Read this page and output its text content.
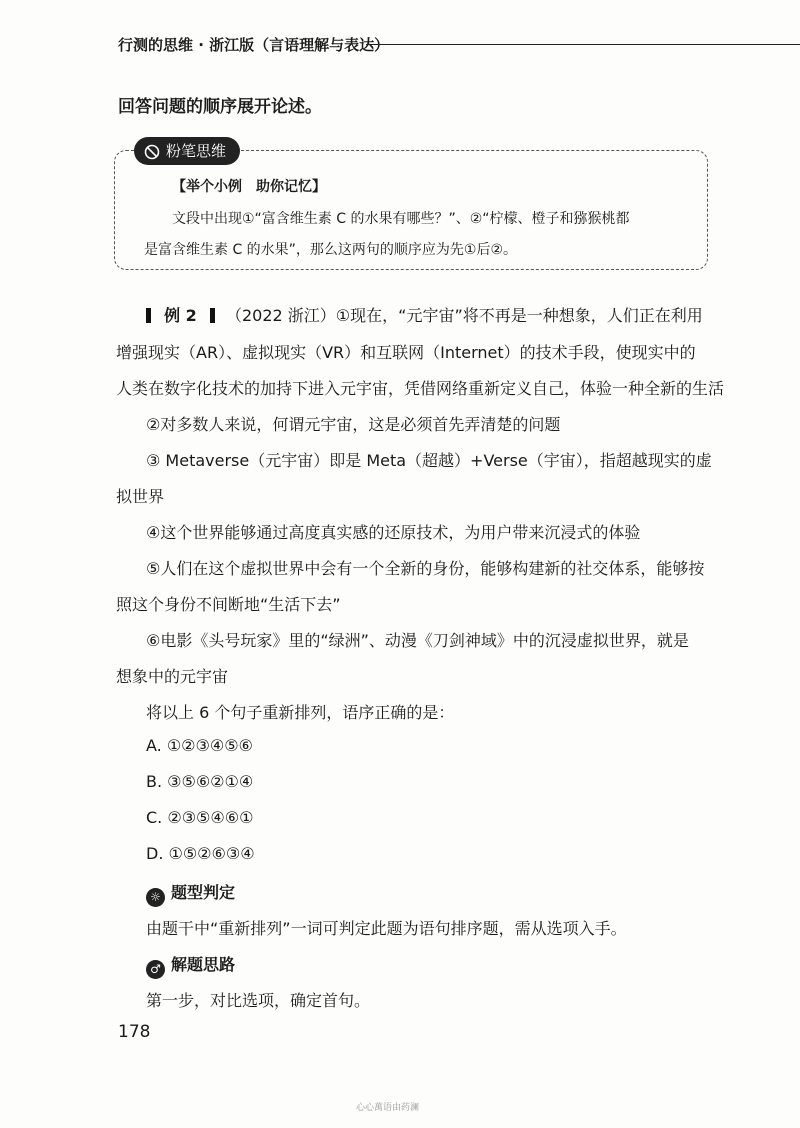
行测的思维 · 浙江版（言语理解与表达）
回答问题的顺序展开论述。
粉笔思维
【举个小例　助你记忆】
文段中出现①“富含维生素 C 的水果有哪些？”、②“柠檬、橙子和猕猴桃都
是富含维生素 C 的水果”，那么这两句的顺序应为先①后②。
例 2 （2022 浙江）①现在，“元宇宙”将不再是一种想象，人们正在利用
增强现实（AR）、虚拟现实（VR）和互联网（Internet）的技术手段，使现实中的
人类在数字化技术的加持下进入元宇宙，凭借网络重新定义自己，体验一种全新的生活
②对多数人来说，何谓元宇宙，这是必须首先弄清楚的问题
③ Metaverse（元宇宙）即是 Meta（超越）+Verse（宇宙），指超越现实的虚
拟世界
④这个世界能够通过高度真实感的还原技术，为用户带来沉浸式的体验
⑤人们在这个虚拟世界中会有一个全新的身份，能够构建新的社交体系，能够按
照这个身份不间断地“生活下去”
⑥电影《头号玩家》里的“绿洲”、动漫《刀剑神域》中的沉浸虚拟世界，就是
想象中的元宇宙
将以上 6 个句子重新排列，语序正确的是：
A. ①②③④⑤⑥
B. ③⑤⑥②①④
C. ②③⑤④⑥①
D. ①⑤②⑥③④
☼ 题型判定
由题干中“重新排列”一词可判定此题为语句排序题，需从选项入手。
♂ 解题思路
第一步，对比选项，确定首句。
178
心心萬语由药澜
